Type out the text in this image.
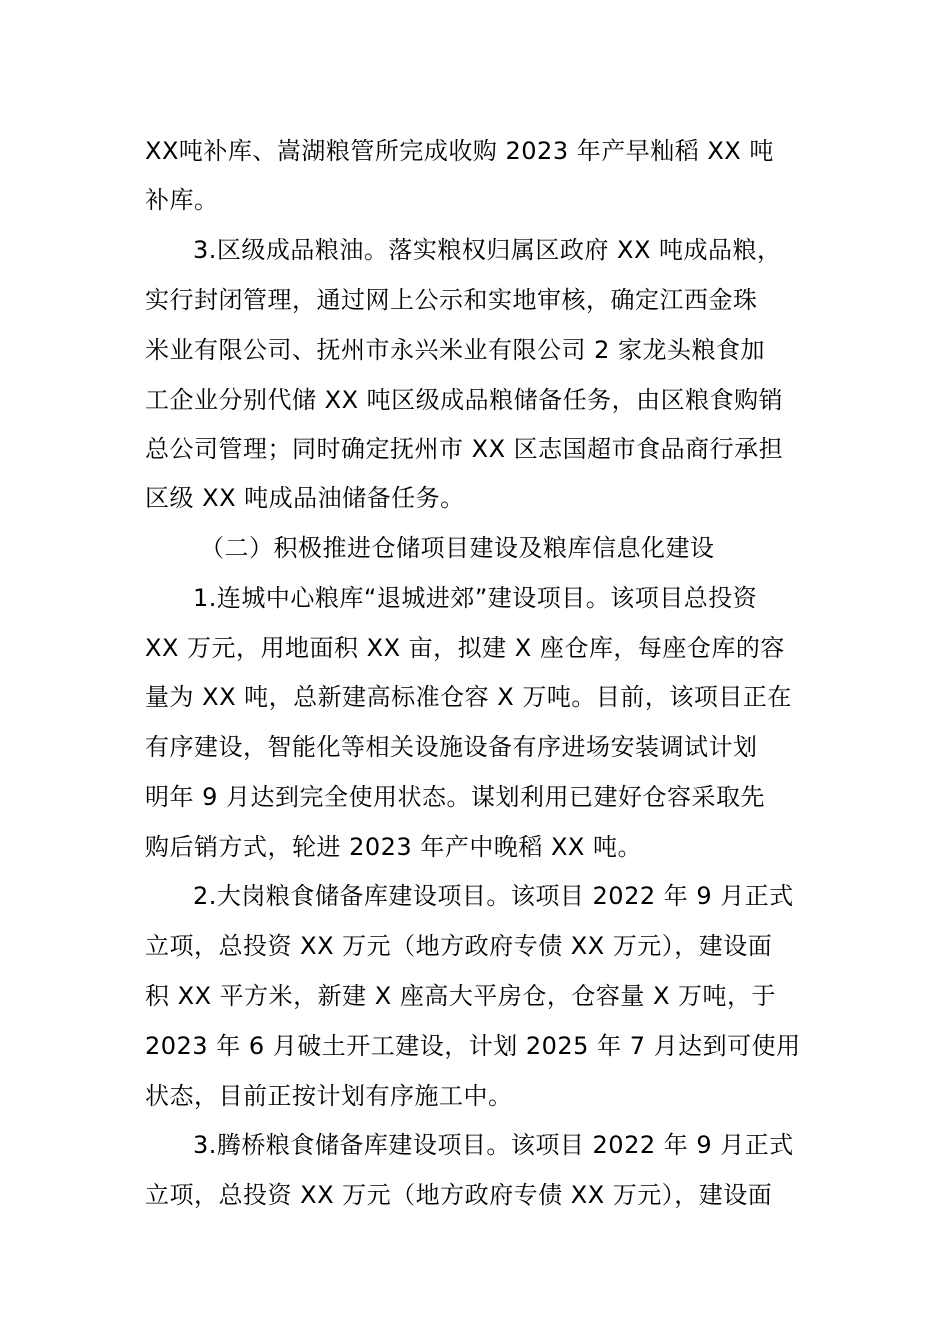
XX吨补库、嵩湖粮管所完成收购 2023 年产早籼稻 XX 吨
补库。
3.区级成品粮油。落实粮权归属区政府 XX 吨成品粮，
实行封闭管理，通过网上公示和实地审核，确定江西金珠
米业有限公司、抚州市永兴米业有限公司 2 家龙头粮食加
工企业分别代储 XX 吨区级成品粮储备任务，由区粮食购销
总公司管理；同时确定抚州市 XX 区志国超市食品商行承担
区级 XX 吨成品油储备任务。
（二）积极推进仓储项目建设及粮库信息化建设
1.连城中心粮库“退城进郊”建设项目。该项目总投资
XX 万元，用地面积 XX 亩，拟建 X 座仓库，每座仓库的容
量为 XX 吨，总新建高标准仓容 X 万吨。目前，该项目正在
有序建设，智能化等相关设施设备有序进场安装调试计划
明年 9 月达到完全使用状态。谋划利用已建好仓容采取先
购后销方式，轮进 2023 年产中晚稻 XX 吨。
2.大岗粮食储备库建设项目。该项目 2022 年 9 月正式
立项，总投资 XX 万元（地方政府专债 XX 万元），建设面
积 XX 平方米，新建 X 座高大平房仓，仓容量 X 万吨，于
2023 年 6 月破土开工建设，计划 2025 年 7 月达到可使用
状态，目前正按计划有序施工中。
3.腾桥粮食储备库建设项目。该项目 2022 年 9 月正式
立项，总投资 XX 万元（地方政府专债 XX 万元），建设面
